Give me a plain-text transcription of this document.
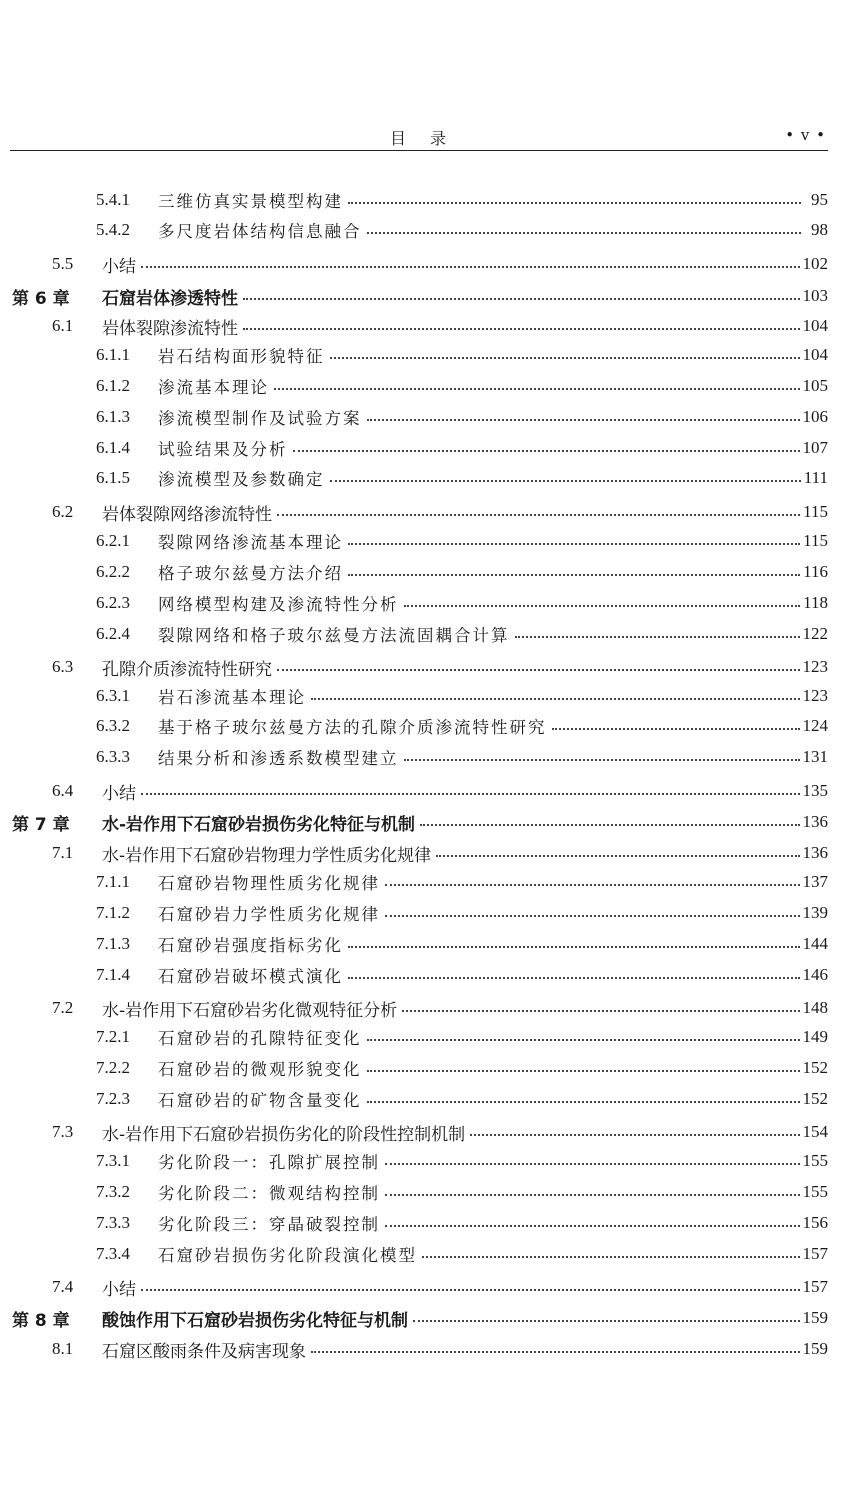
目 录	• v •
5.4.1	三维仿真实景模型构建	95
5.4.2	多尺度岩体结构信息融合	98
5.5	小结	102
第 6 章	石窟岩体渗透特性	103
6.1	岩体裂隙渗流特性	104
6.1.1	岩石结构面形貌特征	104
6.1.2	渗流基本理论	105
6.1.3	渗流模型制作及试验方案	106
6.1.4	试验结果及分析	107
6.1.5	渗流模型及参数确定	111
6.2	岩体裂隙网络渗流特性	115
6.2.1	裂隙网络渗流基本理论	115
6.2.2	格子玻尔兹曼方法介绍	116
6.2.3	网络模型构建及渗流特性分析	118
6.2.4	裂隙网络和格子玻尔兹曼方法流固耦合计算	122
6.3	孔隙介质渗流特性研究	123
6.3.1	岩石渗流基本理论	123
6.3.2	基于格子玻尔兹曼方法的孔隙介质渗流特性研究	124
6.3.3	结果分析和渗透系数模型建立	131
6.4	小结	135
第 7 章	水-岩作用下石窟砂岩损伤劣化特征与机制	136
7.1	水-岩作用下石窟砂岩物理力学性质劣化规律	136
7.1.1	石窟砂岩物理性质劣化规律	137
7.1.2	石窟砂岩力学性质劣化规律	139
7.1.3	石窟砂岩强度指标劣化	144
7.1.4	石窟砂岩破坏模式演化	146
7.2	水-岩作用下石窟砂岩劣化微观特征分析	148
7.2.1	石窟砂岩的孔隙特征变化	149
7.2.2	石窟砂岩的微观形貌变化	152
7.2.3	石窟砂岩的矿物含量变化	152
7.3	水-岩作用下石窟砂岩损伤劣化的阶段性控制机制	154
7.3.1	劣化阶段一：孔隙扩展控制	155
7.3.2	劣化阶段二：微观结构控制	155
7.3.3	劣化阶段三：穿晶破裂控制	156
7.3.4	石窟砂岩损伤劣化阶段演化模型	157
7.4	小结	157
第 8 章	酸蚀作用下石窟砂岩损伤劣化特征与机制	159
8.1	石窟区酸雨条件及病害现象	159
